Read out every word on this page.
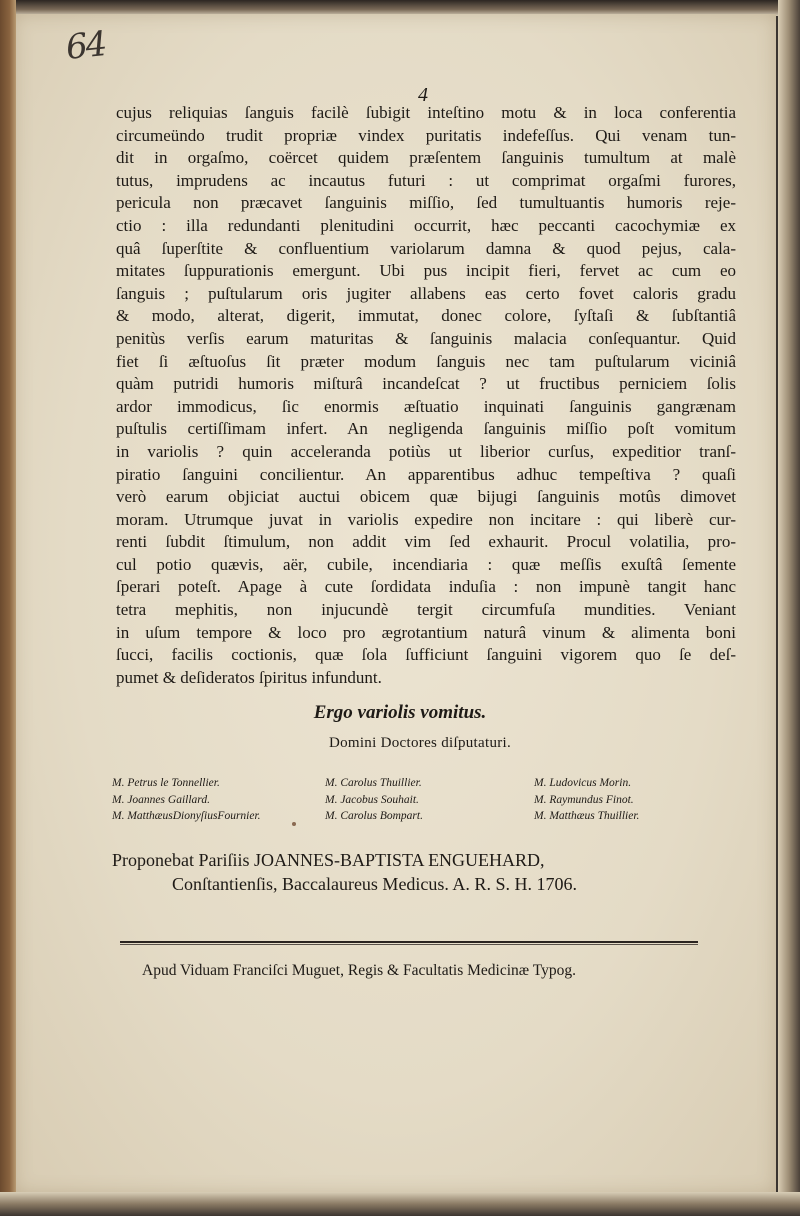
64
4
cujus reliquias ſanguis facilè ſubigit inteſtino motu & in loca conferentia
circumeündo trudit propriæ vindex puritatis indefeſſus. Qui venam tun-
dit in orgaſmo, coërcet quidem præſentem ſanguinis tumultum at malè
tutus, imprudens ac incautus futuri : ut comprimat orgaſmi furores,
pericula non præcavet ſanguinis miſſio, ſed tumultuantis humoris reje-
ctio : illa redundanti plenitudini occurrit, hæc peccanti cacochymiæ ex
quâ ſuperſtite & confluentium variolarum damna & quod pejus, cala-
mitates ſuppurationis emergunt. Ubi pus incipit fieri, fervet ac cum eo
ſanguis ; puſtularum oris jugiter allabens eas certo fovet caloris gradu
& modo, alterat, digerit, immutat, donec colore, ſyſtaſi & ſubſtantiâ
penitùs verſis earum maturitas & ſanguinis malacia conſequantur. Quid
fiet ſi æſtuoſus ſit præter modum ſanguis nec tam puſtularum viciniâ
quàm putridi humoris miſturâ incandeſcat ? ut fructibus perniciem ſolis
ardor immodicus, ſic enormis æſtuatio inquinati ſanguinis gangrænam
puſtulis certiſſimam infert. An negligenda ſanguinis miſſio poſt vomitum
in variolis ? quin acceleranda potiùs ut liberior curſus, expeditior tranſ-
piratio ſanguini concilientur. An apparentibus adhuc tempeſtiva ? quaſi
verò earum objiciat auctui obicem quæ bijugi ſanguinis motûs dimovet
moram. Utrumque juvat in variolis expedire non incitare : qui liberè cur-
renti ſubdit ſtimulum, non addit vim ſed exhaurit. Procul volatilia, pro-
cul potio quævis, aër, cubile, incendiaria : quæ meſſis exuſtâ ſemente
ſperari poteſt. Apage à cute ſordidata induſia : non impunè tangit hanc
tetra mephitis, non injucundè tergit circumfuſa mundities. Veniant
in uſum tempore & loco pro ægrotantium naturâ vinum & alimenta boni
ſucci, facilis coctionis, quæ ſola ſufficiunt ſanguini vigorem quo ſe deſ-
pumet & deſideratos ſpiritus infundunt.
Ergo variolis vomitus.
Domini Doctores diſputaturi.
M. Petrus le Tonnellier.
M. Joannes Gaillard.
M. MatthæusDionyſiusFournier.
M. Carolus Thuillier.
M. Jacobus Souhait.
M. Carolus Bompart.
M. Ludovicus Morin.
M. Raymundus Finot.
M. Matthæus Thuillier.
Proponebat Pariſiis JOANNES-BAPTISTA ENGUEHARD,
Conſtantienſis, Baccalaureus Medicus. A. R. S. H. 1706.
Apud Viduam Franciſci Muguet, Regis & Facultatis Medicinæ Typog.
